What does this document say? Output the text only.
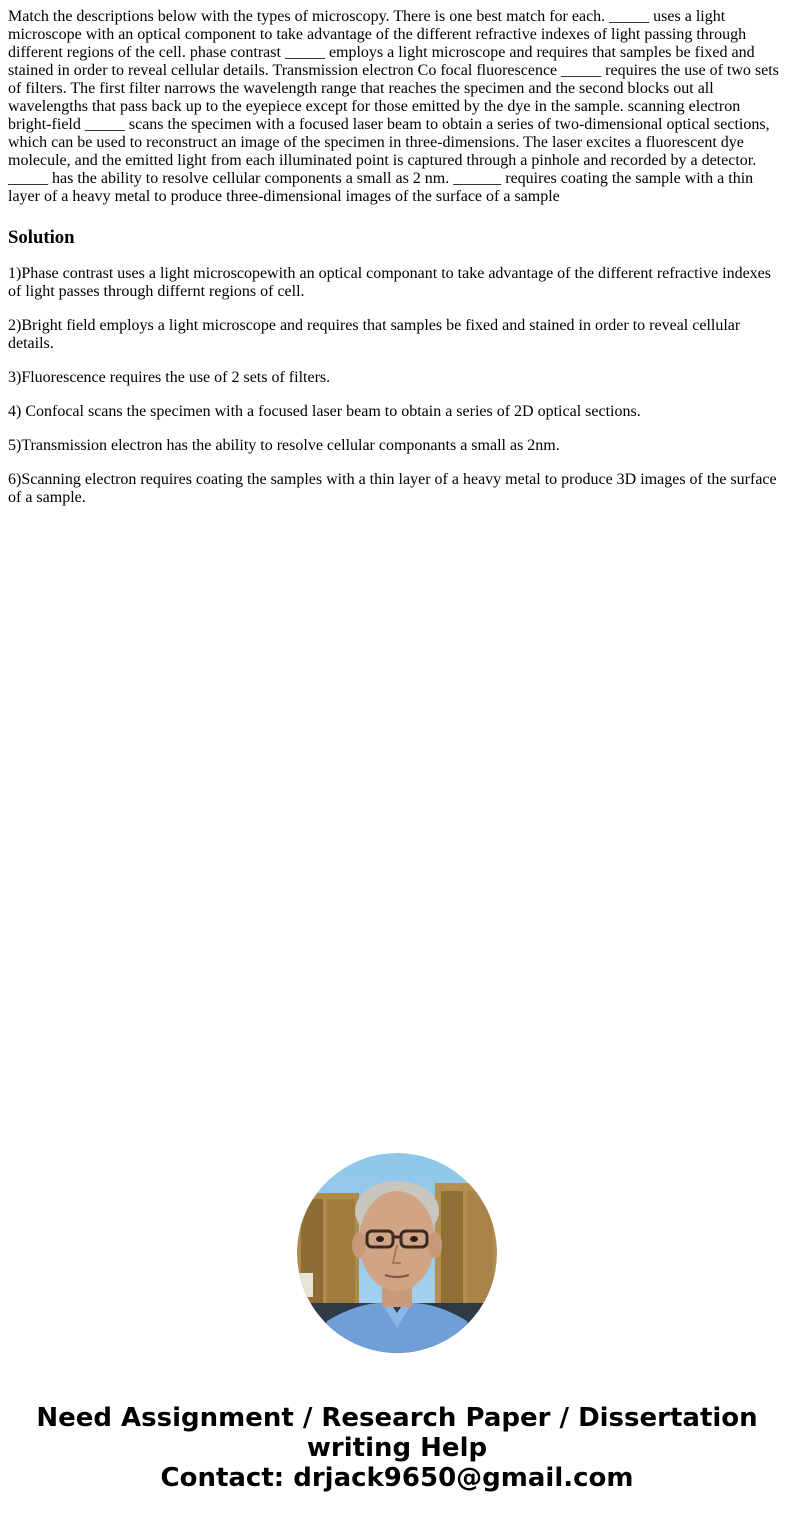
Match the descriptions below with the types of microscopy. There is one best match for each. _____ uses a light microscope with an optical component to take advantage of the different refractive indexes of light passing through different regions of the cell. phase contrast _____ employs a light microscope and requires that samples be fixed and stained in order to reveal cellular details. Transmission electron Co focal fluorescence _____ requires the use of two sets of filters. The first filter narrows the wavelength range that reaches the specimen and the second blocks out all wavelengths that pass back up to the eyepiece except for those emitted by the dye in the sample. scanning electron bright-field _____ scans the specimen with a focused laser beam to obtain a series of two-dimensional optical sections, which can be used to reconstruct an image of the specimen in three-dimensions. The laser excites a fluorescent dye molecule, and the emitted light from each illuminated point is captured through a pinhole and recorded by a detector. _____ has the ability to resolve cellular components a small as 2 nm. ______ requires coating the sample with a thin layer of a heavy metal to produce three-dimensional images of the surface of a sample

Solution

1)Phase contrast uses a light microscopewith an optical componant to take advantage of the different refractive indexes of light passes through differnt regions of cell.

2)Bright field employs a light microscope and requires that samples be fixed and stained in order to reveal cellular details.

3)Fluorescence requires the use of 2 sets of filters.

4) Confocal scans the specimen with a focused laser beam to obtain a series of 2D optical sections.

5)Transmission electron has the ability to resolve cellular componants a small as 2nm.

6)Scanning electron requires coating the samples with a thin layer of a heavy metal to produce 3D images of the surface of a sample.

Need Assignment / Research Paper / Dissertation
writing Help
Contact: drjack9650@gmail.com
